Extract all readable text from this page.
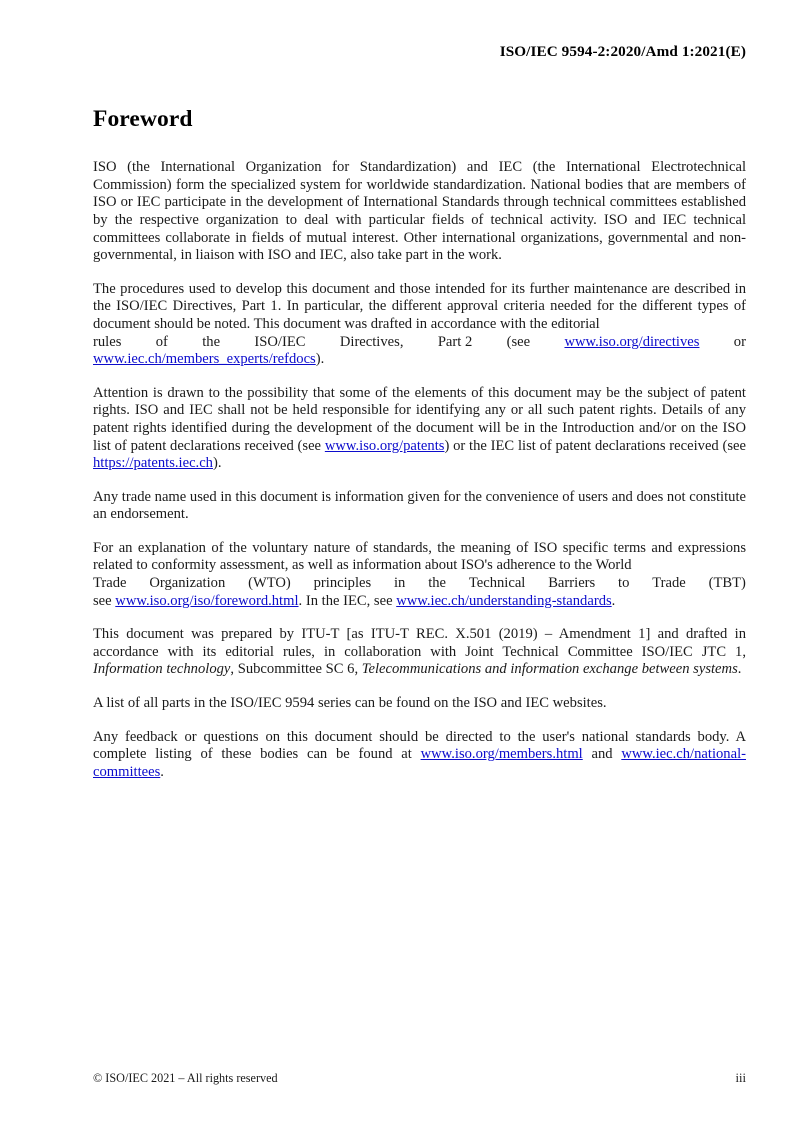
ISO/IEC 9594-2:2020/Amd 1:2021(E)
Foreword

ISO (the International Organization for Standardization) and IEC (the International Electrotechnical Commission) form the specialized system for worldwide standardization. National bodies that are members of ISO or IEC participate in the development of International Standards through technical committees established by the respective organization to deal with particular fields of technical activity. ISO and IEC technical committees collaborate in fields of mutual interest. Other international organizations, governmental and non-governmental, in liaison with ISO and IEC, also take part in the work.

The procedures used to develop this document and those intended for its further maintenance are described in the ISO/IEC Directives, Part 1. In particular, the different approval criteria needed for the different types of document should be noted. This document was drafted in accordance with the editorial
rules of the ISO/IEC Directives, Part 2 (see www.iso.org/directives or
www.iec.ch/members_experts/refdocs).

Attention is drawn to the possibility that some of the elements of this document may be the subject of patent rights. ISO and IEC shall not be held responsible for identifying any or all such patent rights. Details of any patent rights identified during the development of the document will be in the Introduction and/or on the ISO list of patent declarations received (see www.iso.org/patents) or the IEC list of patent declarations received (see https://patents.iec.ch).

Any trade name used in this document is information given for the convenience of users and does not constitute an endorsement.

For an explanation of the voluntary nature of standards, the meaning of ISO specific terms and expressions related to conformity assessment, as well as information about ISO's adherence to the World
Trade Organization (WTO) principles in the Technical Barriers to Trade (TBT)
see www.iso.org/iso/foreword.html. In the IEC, see www.iec.ch/understanding-standards.

This document was prepared by ITU-T [as ITU-T REC. X.501 (2019) – Amendment 1] and drafted in accordance with its editorial rules, in collaboration with Joint Technical Committee ISO/IEC JTC 1, Information technology, Subcommittee SC 6, Telecommunications and information exchange between systems.

A list of all parts in the ISO/IEC 9594 series can be found on the ISO and IEC websites.

Any feedback or questions on this document should be directed to the user's national standards body. A complete listing of these bodies can be found at www.iso.org/members.html and www.iec.ch/national-committees.

© ISO/IEC 2021 – All rights reserved	iii
